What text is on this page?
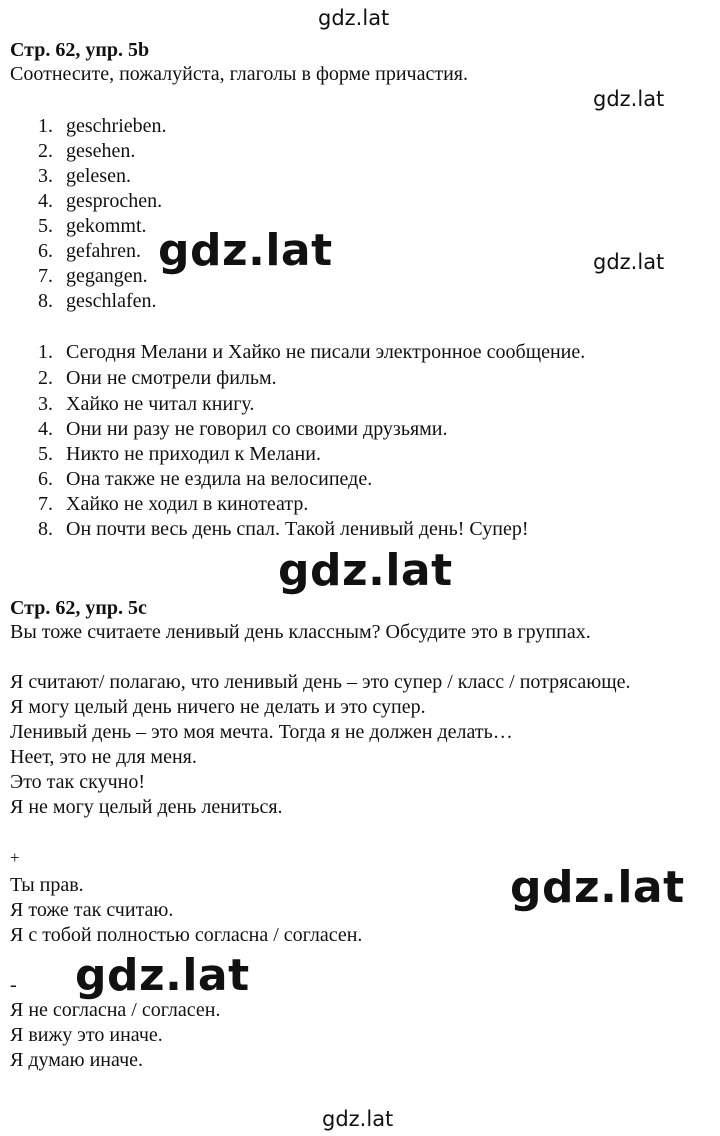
gdz.lat
gdz.lat
gdz.lat
gdz.lat
gdz.lat
gdz.lat
gdz.lat
gdz.lat
Стр. 62, упр. 5b
Соотнесите, пожалуйста, глаголы в форме причастия.
1. geschrieben.
2. gesehen.
3. gelesen.
4. gesprochen.
5. gekommt.
6. gefahren.
7. gegangen.
8. geschlafen.
1. Сегодня Мелани и Хайко не писали электронное сообщение.
2. Они не смотрели фильм.
3. Хайко не читал книгу.
4. Они ни разу не говорил со своими друзьями.
5. Никто не приходил к Мелани.
6. Она также не ездила на велосипеде.
7. Хайко не ходил в кинотеатр.
8. Он почти весь день спал. Такой ленивый день! Супер!
Стр. 62, упр. 5c
Вы тоже считаете ленивый день классным? Обсудите это в группах.
Я считают/ полагаю, что ленивый день – это супер / класс / потрясающе.
Я могу целый день ничего не делать и это супер.
Ленивый день – это моя мечта. Тогда я не должен делать…
Неет, это не для меня.
Это так скучно!
Я не могу целый день лениться.
+
Ты прав.
Я тоже так считаю.
Я с тобой полностью согласна / согласен.
-
Я не согласна / согласен.
Я вижу это иначе.
Я думаю иначе.
